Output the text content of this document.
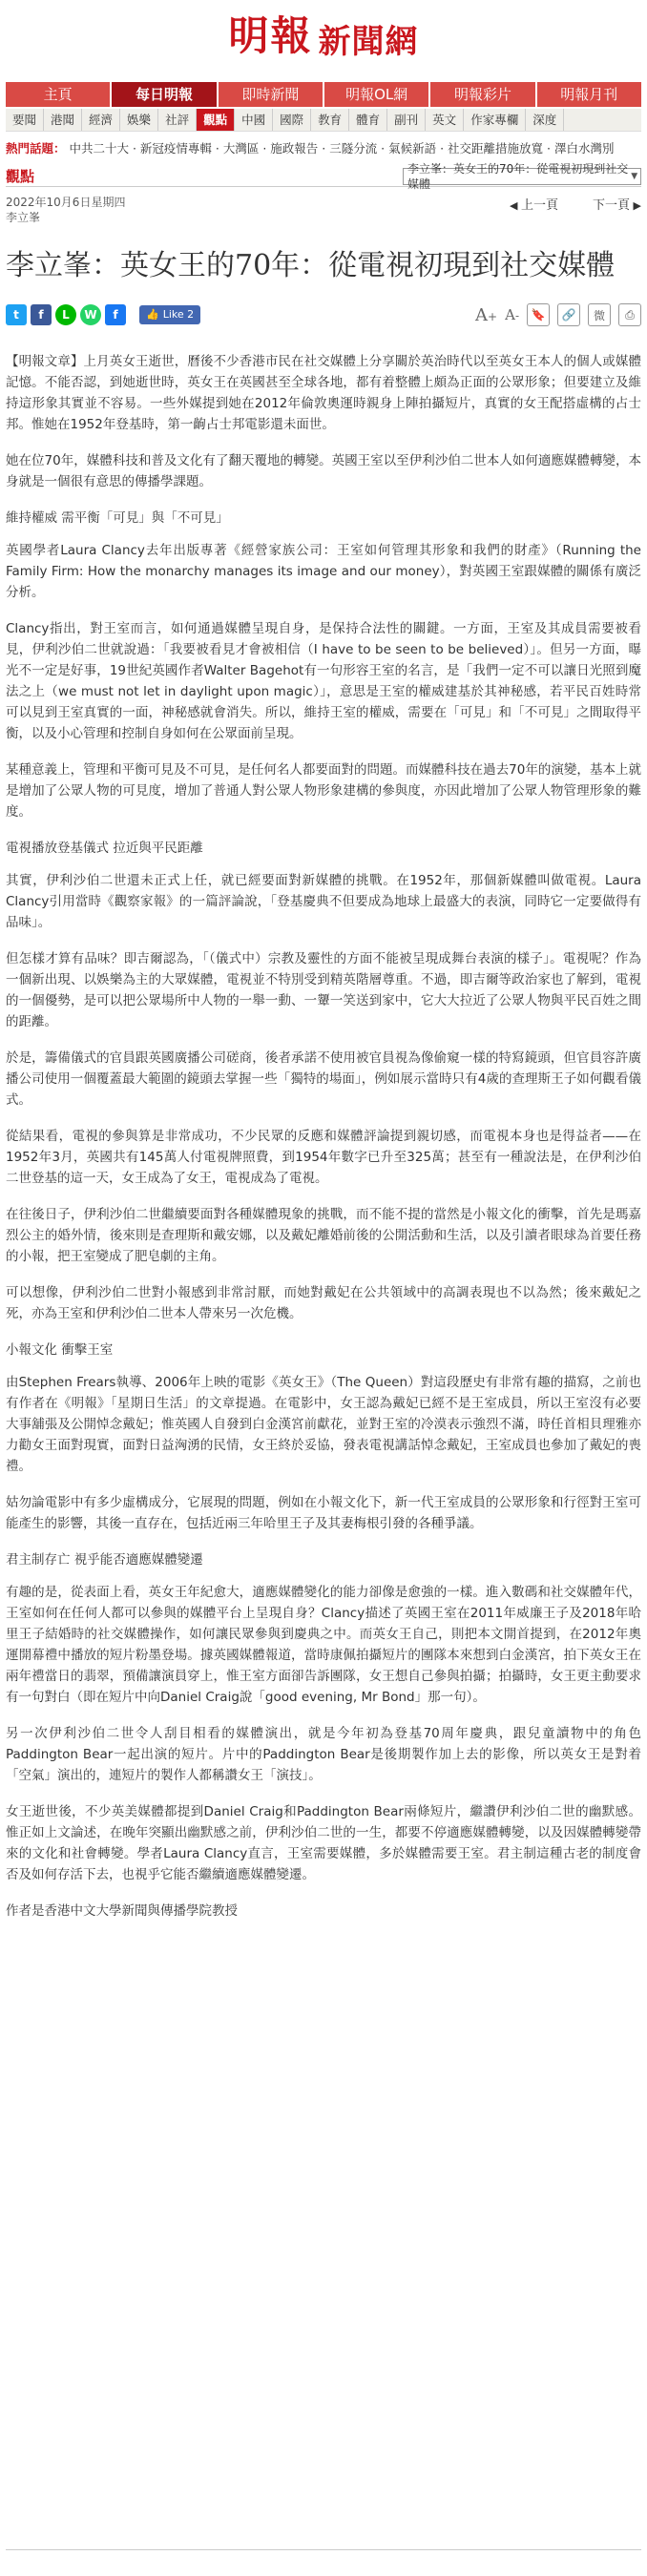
明報 新聞網
主頁	每日明報	即時新聞	明報OL網	明報彩片	明報月刊
要聞	港聞	經濟	娛樂	社評	觀點	中國	國際	教育	體育	副刊	英文	作家專欄	深度
熱門話題： 中共二十大 · 新冠疫情專輯 · 大灣區 · 施政報告 · 三隧分流 · 氣候新語 · 社交距離措施放寬 · 澤白水灣別
觀點	李立峯：英女王的70年：從電視初現到社交媒體
▼
2022年10月6日星期四
李立峯
◀ 上一頁	下一頁 ▶
李立峯：英女王的70年：從電視初現到社交媒體
t	f	L	W	f	👍 Like 2	A+ A-	🔖	🔗	微	⎙

【明報文章】上月英女王逝世，曆後不少香港市民在社交媒體上分享關於英治時代以至英女王本人的個人或媒體記憶。不能否認，到她逝世時，英女王在英國甚至全球各地，都有着整體上頗為正面的公眾形象；但要建立及維持這形象其實並不容易。一些外媒提到她在2012年倫敦奧運時親身上陣拍攝短片，真實的女王配搭虛構的占士邦。惟她在1952年登基時，第一齣占士邦電影還未面世。

她在位70年，媒體科技和普及文化有了翻天覆地的轉變。英國王室以至伊利沙伯二世本人如何適應媒體轉變，本身就是一個很有意思的傳播學課題。

維持權威 需平衡「可見」與「不可見」

英國學者Laura Clancy去年出版專著《經營家族公司：王室如何管理其形象和我們的財產》（Running the Family Firm: How the monarchy manages its image and our money），對英國王室跟媒體的關係有廣泛分析。

Clancy指出，對王室而言，如何通過媒體呈現自身，是保持合法性的關鍵。一方面，王室及其成員需要被看見，伊利沙伯二世就說過：「我要被看見才會被相信（I have to be seen to be believed）」。但另一方面，曝光不一定是好事，19世紀英國作者Walter Bagehot有一句形容王室的名言，是「我們一定不可以讓日光照到魔法之上（we must not let in daylight upon magic）」，意思是王室的權威建基於其神秘感，若平民百姓時常可以見到王室真實的一面，神秘感就會消失。所以，維持王室的權威，需要在「可見」和「不可見」之間取得平衡，以及小心管理和控制自身如何在公眾面前呈現。

某種意義上，管理和平衡可見及不可見，是任何名人都要面對的問題。而媒體科技在過去70年的演變，基本上就是增加了公眾人物的可見度，增加了普通人對公眾人物形象建構的參與度，亦因此增加了公眾人物管理形象的難度。

電視播放登基儀式 拉近與平民距離

其實，伊利沙伯二世還未正式上任，就已經要面對新媒體的挑戰。在1952年，那個新媒體叫做電視。Laura Clancy引用當時《觀察家報》的一篇評論說，「登基慶典不但要成為地球上最盛大的表演，同時它一定要做得有品味」。

但怎樣才算有品味？即吉爾認為，「（儀式中）宗教及靈性的方面不能被呈現成舞台表演的樣子」。電視呢？作為一個新出現、以娛樂為主的大眾媒體，電視並不特別受到精英階層尊重。不過，即吉爾等政治家也了解到，電視的一個優勢，是可以把公眾場所中人物的一舉一動、一顰一笑送到家中，它大大拉近了公眾人物與平民百姓之間的距離。

於是，籌備儀式的官員跟英國廣播公司磋商，後者承諾不使用被官員視為像偷窺一樣的特寫鏡頭，但官員容許廣播公司使用一個覆蓋最大範圍的鏡頭去掌握一些「獨特的場面」，例如展示當時只有4歲的查理斯王子如何觀看儀式。

從結果看，電視的參與算是非常成功，不少民眾的反應和媒體評論提到親切感，而電視本身也是得益者——在1952年3月，英國共有145萬人付電視牌照費，到1954年數字已升至325萬；甚至有一種說法是，在伊利沙伯二世登基的這一天，女王成為了女王，電視成為了電視。

在往後日子，伊利沙伯二世繼續要面對各種媒體現象的挑戰，而不能不提的當然是小報文化的衝擊，首先是瑪嘉烈公主的婚外情，後來則是查理斯和戴安娜，以及戴妃離婚前後的公開活動和生活，以及引讀者眼球為首要任務的小報，把王室變成了肥皂劇的主角。

可以想像，伊利沙伯二世對小報感到非常討厭，而她對戴妃在公共領域中的高調表現也不以為然；後來戴妃之死，亦為王室和伊利沙伯二世本人帶來另一次危機。

小報文化 衝擊王室

由Stephen Frears執導、2006年上映的電影《英女王》（The Queen）對這段歷史有非常有趣的描寫，之前也有作者在《明報》「星期日生活」的文章提過。在電影中，女王認為戴妃已經不是王室成員，所以王室沒有必要大事舖張及公開悼念戴妃；惟英國人自發到白金漢宮前獻花，並對王室的冷漠表示強烈不滿，時任首相貝理雅亦力勸女王面對現實，面對日益洶湧的民情，女王終於妥協，發表電視講話悼念戴妃，王室成員也參加了戴妃的喪禮。

姑勿論電影中有多少虛構成分，它展現的問題，例如在小報文化下，新一代王室成員的公眾形象和行徑對王室可能產生的影響，其後一直存在，包括近兩三年哈里王子及其妻梅根引發的各種爭議。

君主制存亡 視乎能否適應媒體變遷

有趣的是，從表面上看，英女王年紀愈大，適應媒體變化的能力卻像是愈強的一樣。進入數碼和社交媒體年代，王室如何在任何人都可以參與的媒體平台上呈現自身？Clancy描述了英國王室在2011年威廉王子及2018年哈里王子結婚時的社交媒體操作，如何讓民眾參與到慶典之中。而英女王自己，則把本文開首提到，在2012年奧運開幕禮中播放的短片粉墨登場。據英國媒體報道，當時康佩拍攝短片的團隊本來想到白金漢宮，拍下英女王在兩年禮當日的翡翠，預備讓演員穿上，惟王室方面卻告訴團隊，女王想自己參與拍攝；拍攝時，女王更主動要求有一句對白（即在短片中向Daniel Craig說「good evening, Mr Bond」那一句）。

另一次伊利沙伯二世令人刮目相看的媒體演出，就是今年初為登基70周年慶典，跟兒童讀物中的角色Paddington Bear一起出演的短片。片中的Paddington Bear是後期製作加上去的影像，所以英女王是對着「空氣」演出的，連短片的製作人都稱讚女王「演技」。

女王逝世後，不少英美媒體都提到Daniel Craig和Paddington Bear兩條短片，繼讚伊利沙伯二世的幽默感。惟正如上文論述，在晚年突顯出幽默感之前，伊利沙伯二世的一生，都要不停適應媒體轉變，以及因媒體轉變帶來的文化和社會轉變。學者Laura Clancy直言，王室需要媒體，多於媒體需要王室。君主制這種古老的制度會否及如何存活下去，也視乎它能否繼續適應媒體變遷。

作者是香港中文大學新聞與傳播學院教授
